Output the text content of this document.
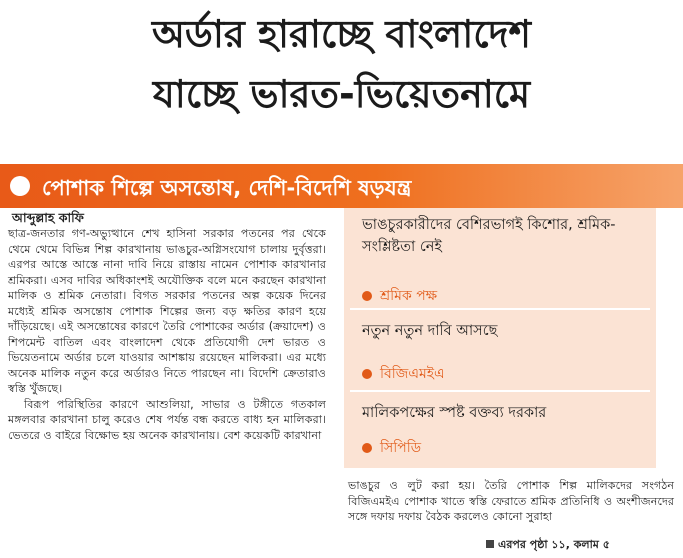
অর্ডার হারাচ্ছে বাংলাদেশ
যাচ্ছে ভারত-ভিয়েতনামে
পোশাক শিল্পে অসন্তোষ, দেশি-বিদেশি ষড়যন্ত্র
আব্দুল্লাহ কাফি

ছাত্র-জনতার গণ-অভ্যুত্থানে শেখ হাসিনা সরকার পতনের পর থেকে থেমে থেমে বিভিন্ন শিল্প কারখানায় ভাঙচুর-অগ্নিসংযোগ চালায় দুর্বৃত্তরা। এরপর আস্তে আস্তে নানা দাবি নিয়ে রাস্তায় নামেন পোশাক কারখানার শ্রমিকরা। এসব দাবির অধিকাংশই অযৌক্তিক বলে মনে করছেন কারখানা মালিক ও শ্রমিক নেতারা। বিগত সরকার পতনের অল্প কয়েক দিনের মধ্যেই শ্রমিক অসন্তোষ পোশাক শিল্পের জন্য বড় ক্ষতির কারণ হয়ে দাঁড়িয়েছে। এই অসন্তোষের কারণে তৈরি পোশাকের অর্ডার (ক্রয়াদেশ) ও শিপমেন্ট বাতিল এবং বাংলাদেশ থেকে প্রতিযোগী দেশ ভারত ও ভিয়েতনামে অর্ডার চলে যাওয়ার আশঙ্কায় রয়েছেন মালিকরা। এর মধ্যে অনেক মালিক নতুন করে অর্ডারও নিতে পারছেন না। বিদেশি ক্রেতারাও স্বস্তি খুঁজছে।

বিরূপ পরিস্থিতির কারণে আশুলিয়া, সাভার ও টঙ্গীতে গতকাল মঙ্গলবার কারখানা চালু করেও শেষ পর্যন্ত বন্ধ করতে বাধ্য হন মালিকরা। ভেতরে ও বাইরে বিক্ষোভ হয় অনেক কারখানায়। বেশ কয়েকটি কারখানা

ভাঙচুরকারীদের বেশিরভাগই কিশোর, শ্রমিক-সংশ্লিষ্টতা নেই
শ্রমিক পক্ষ
নতুন নতুন দাবি আসছে
বিজিএমইএ
মালিকপক্ষের স্পষ্ট বক্তব্য দরকার
সিপিডি
ভাঙচুর ও লুট করা হয়। তৈরি পোশাক শিল্প মালিকদের সংগঠন বিজিএমইএ পোশাক খাতে স্বস্তি ফেরাতে শ্রমিক প্রতিনিধি ও অংশীজনদের সঙ্গে দফায় দফায় বৈঠক করলেও কোনো সুরাহা
এরপর পৃষ্ঠা ১১, কলাম ৫
